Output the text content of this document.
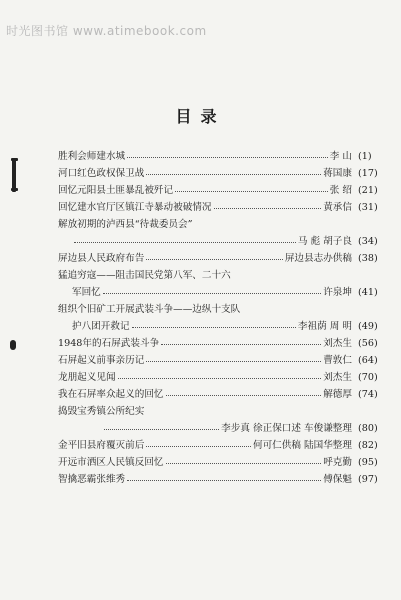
时光图书馆 www.atimebook.com
目录
胜利会师建水城	李 山 (1)
河口红色政权保卫战	蒋国康 (17)
回忆元阳县土匪暴乱被歼记	张 绍 (21)
回忆建水官厅区镇江寺暴动被破情况	黄承信 (31)
解放初期的泸西县“待裁委员会”
马 彪 胡子良 (34)
屏边县人民政府布告	屏边县志办供稿 (38)
猛追穷寇——阻击国民党第八军、二十六
军回忆	许泉坤 (41)
组织个旧矿工开展武装斗争——边纵十支队
护八团开救记	李祖荫 周 明 (49)
1948年的石屏武装斗争	刘杰生 (56)
石屏起义前事亲历记	曹敦仁 (64)
龙朋起义见闻	刘杰生 (70)
我在石屏率众起义的回忆	解德厚 (74)
捣毁宝秀镇公所纪实
李步真 徐正保口述 车俊谦整理 (80)
金平旧县府覆灭前后	何可仁供稿 陆国华整理 (82)
开远市洒区人民镇反回忆	呼克勤 (95)
智擒恶霸张维秀	傅保魁 (97)
